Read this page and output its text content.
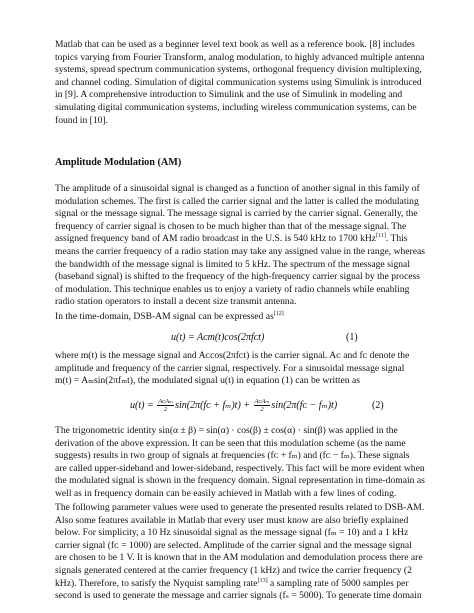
Matlab that can be used as a beginner level text book as well as a reference book. [8] includes
topics varying from Fourier Transform, analog modulation, to highly advanced multiple antenna
systems, spread spectrum communication systems, orthogonal frequency division multiplexing,
and channel coding. Simulation of digital communication systems using Simulink is introduced
in [9]. A comprehensive introduction to Simulink and the use of Simulink in modeling and
simulating digital communication systems, including wireless communication systems, can be
found in [10].

Amplitude Modulation (AM)

The amplitude of a sinusoidal signal is changed as a function of another signal in this family of
modulation schemes. The first is called the carrier signal and the latter is called the modulating
signal or the message signal. The message signal is carried by the carrier signal. Generally, the
frequency of carrier signal is chosen to be much higher than that of the message signal. The
assigned frequency band of AM radio broadcast in the U.S. is 540 kHz to 1700 kHz[11]. This
means the carrier frequency of a radio station may take any assigned value in the range, whereas
the bandwidth of the message signal is limited to 5 kHz. The spectrum of the message signal
(baseband signal) is shifted to the frequency of the high-frequency carrier signal by the process
of modulation. This technique enables us to enjoy a variety of radio channels while enabling
radio station operators to install a decent size transmit antenna.

In the time-domain, DSB-AM signal can be expressed as[12]

u(t) = Aᴄm(t)cos(2πfᴄt)	(1)

where m(t) is the message signal and Aᴄcos(2πfᴄt) is the carrier signal. Aᴄ and fᴄ denote the
amplitude and frequency of the carrier signal, respectively. For a sinusoidal message signal
m(t) = Aₘsin(2πfₘt), the modulated signal u(t) in equation (1) can be written as

$u(t) = \frac{\text{AᴄAₘ}}{2}$ sin(2π(fᴄ + $f_m)t) + \frac{\text{AᴄAₘ}}{2}$ sin(2π(fᴄ − fₘ)t)	(2)

The trigonometric identity sin(α ± β) = sin(α) · cos(β) ± cos(α) · sin(β) was applied in the
derivation of the above expression. It can be seen that this modulation scheme (as the name
suggests) results in two group of signals at frequencies (fᴄ + fₘ) and (fᴄ − fₘ). These signals
are called upper-sideband and lower-sideband, respectively. This fact will be more evident when
the modulated signal is shown in the frequency domain. Signal representation in time-domain as
well as in frequency domain can be easily achieved in Matlab with a few lines of coding.

The following parameter values were used to generate the presented results related to DSB-AM.
Also some features available in Matlab that every user must know are also briefly explained
below. For simplicity, a 10 Hz sinusoidal signal as the message signal (fₘ = 10) and a 1 kHz
carrier signal (fᴄ = 1000) are selected. Amplitude of the carrier signal and the message signal
are chosen to be 1 V. It is known that in the AM modulation and demodulation process there are
signals generated centered at the carrier frequency (1 kHz) and twice the carrier frequency (2
kHz). Therefore, to satisfy the Nyquist sampling rate[13] a sampling rate of 5000 samples per
second is used to generate the message and carrier signals (fₛ = 5000). To generate time domain
